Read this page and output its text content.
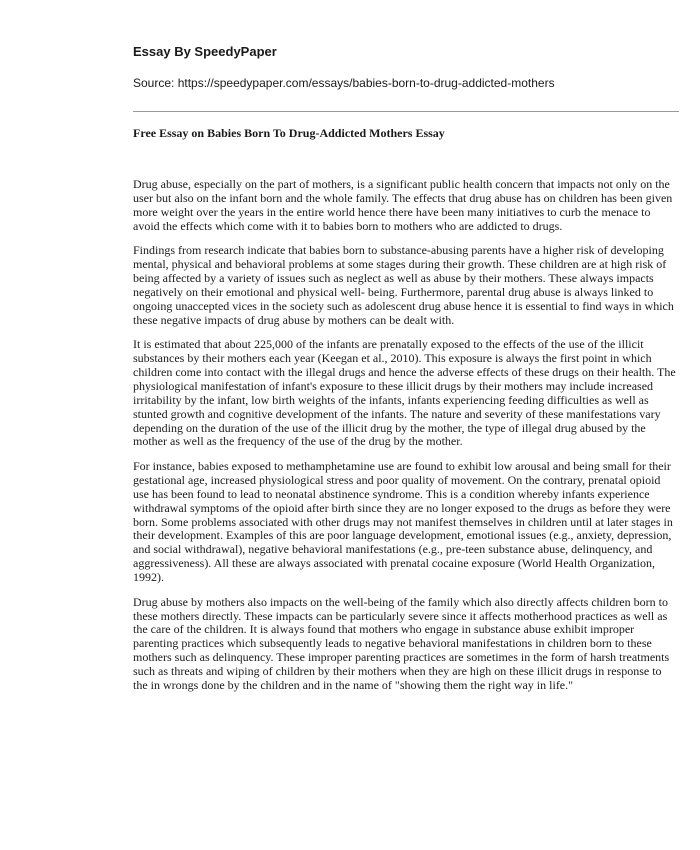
Essay By SpeedyPaper
Source: https://speedypaper.com/essays/babies-born-to-drug-addicted-mothers
Free Essay on Babies Born To Drug-Addicted Mothers Essay

Drug abuse, especially on the part of mothers, is a significant public health concern that impacts not only on the user but also on the infant born and the whole family. The effects that drug abuse has on children has been given more weight over the years in the entire world hence there have been many initiatives to curb the menace to avoid the effects which come with it to babies born to mothers who are addicted to drugs.

Findings from research indicate that babies born to substance-abusing parents have a higher risk of developing mental, physical and behavioral problems at some stages during their growth. These children are at high risk of being affected by a variety of issues such as neglect as well as abuse by their mothers. These always impacts negatively on their emotional and physical well- being. Furthermore, parental drug abuse is always linked to ongoing unaccepted vices in the society such as adolescent drug abuse hence it is essential to find ways in which these negative impacts of drug abuse by mothers can be dealt with.

It is estimated that about 225,000 of the infants are prenatally exposed to the effects of the use of the illicit substances by their mothers each year (Keegan et al., 2010). This exposure is always the first point in which children come into contact with the illegal drugs and hence the adverse effects of these drugs on their health. The physiological manifestation of infant's exposure to these illicit drugs by their mothers may include increased irritability by the infant, low birth weights of the infants, infants experiencing feeding difficulties as well as stunted growth and cognitive development of the infants. The nature and severity of these manifestations vary depending on the duration of the use of the illicit drug by the mother, the type of illegal drug abused by the mother as well as the frequency of the use of the drug by the mother.

For instance, babies exposed to methamphetamine use are found to exhibit low arousal and being small for their gestational age, increased physiological stress and poor quality of movement. On the contrary, prenatal opioid use has been found to lead to neonatal abstinence syndrome. This is a condition whereby infants experience withdrawal symptoms of the opioid after birth since they are no longer exposed to the drugs as before they were born. Some problems associated with other drugs may not manifest themselves in children until at later stages in their development. Examples of this are poor language development, emotional issues (e.g., anxiety, depression, and social withdrawal), negative behavioral manifestations (e.g., pre-teen substance abuse, delinquency, and aggressiveness). All these are always associated with prenatal cocaine exposure (World Health Organization, 1992).

Drug abuse by mothers also impacts on the well-being of the family which also directly affects children born to these mothers directly. These impacts can be particularly severe since it affects motherhood practices as well as the care of the children. It is always found that mothers who engage in substance abuse exhibit improper parenting practices which subsequently leads to negative behavioral manifestations in children born to these mothers such as delinquency. These improper parenting practices are sometimes in the form of harsh treatments such as threats and wiping of children by their mothers when they are high on these illicit drugs in response to the in wrongs done by the children and in the name of "showing them the right way in life."
